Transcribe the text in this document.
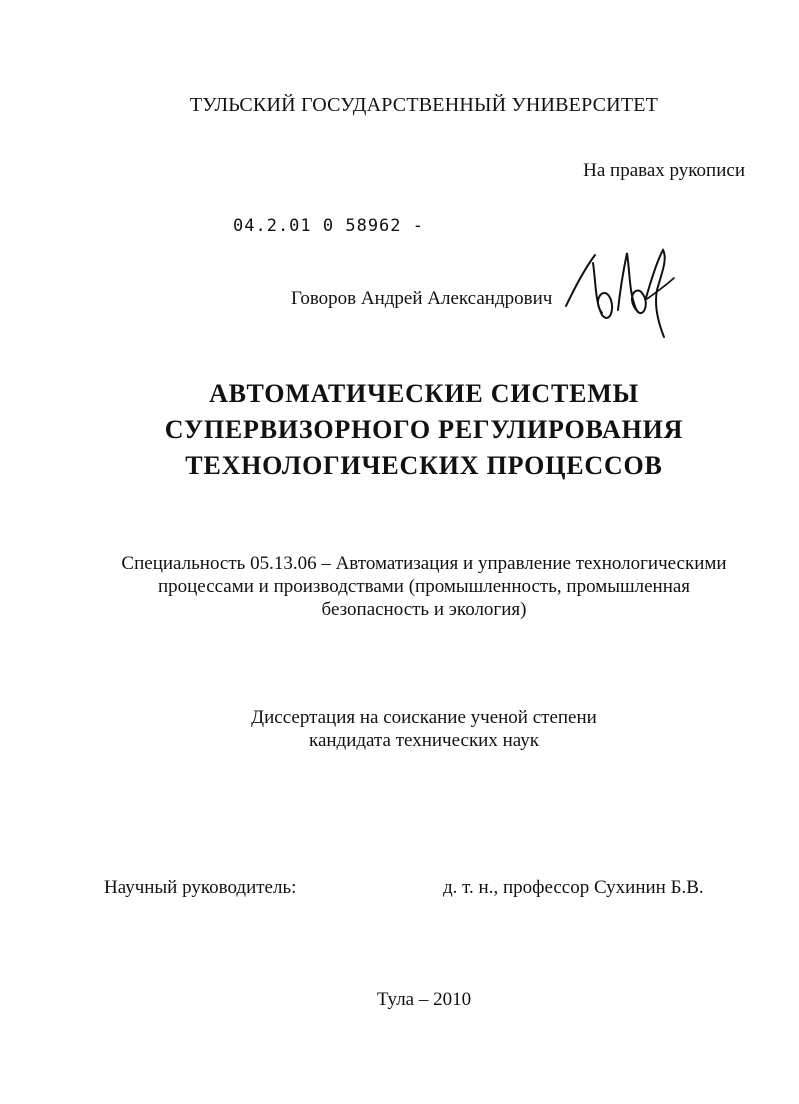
ТУЛЬСКИЙ ГОСУДАРСТВЕННЫЙ УНИВЕРСИТЕТ

На правах рукописи

04.2.01 0 58962 -

Говоров Андрей Александрович

АВТОМАТИЧЕСКИЕ СИСТЕМЫ
СУПЕРВИЗОРНОГО РЕГУЛИРОВАНИЯ
ТЕХНОЛОГИЧЕСКИХ ПРОЦЕССОВ
Специальность 05.13.06 – Автоматизация и управление технологическими
процессами и производствами (промышленность, промышленная
безопасность и экология)
Диссертация на соискание ученой степени
кандидата технических наук

Научный руководитель:	д. т. н., профессор Сухинин Б.В.

Тула – 2010
